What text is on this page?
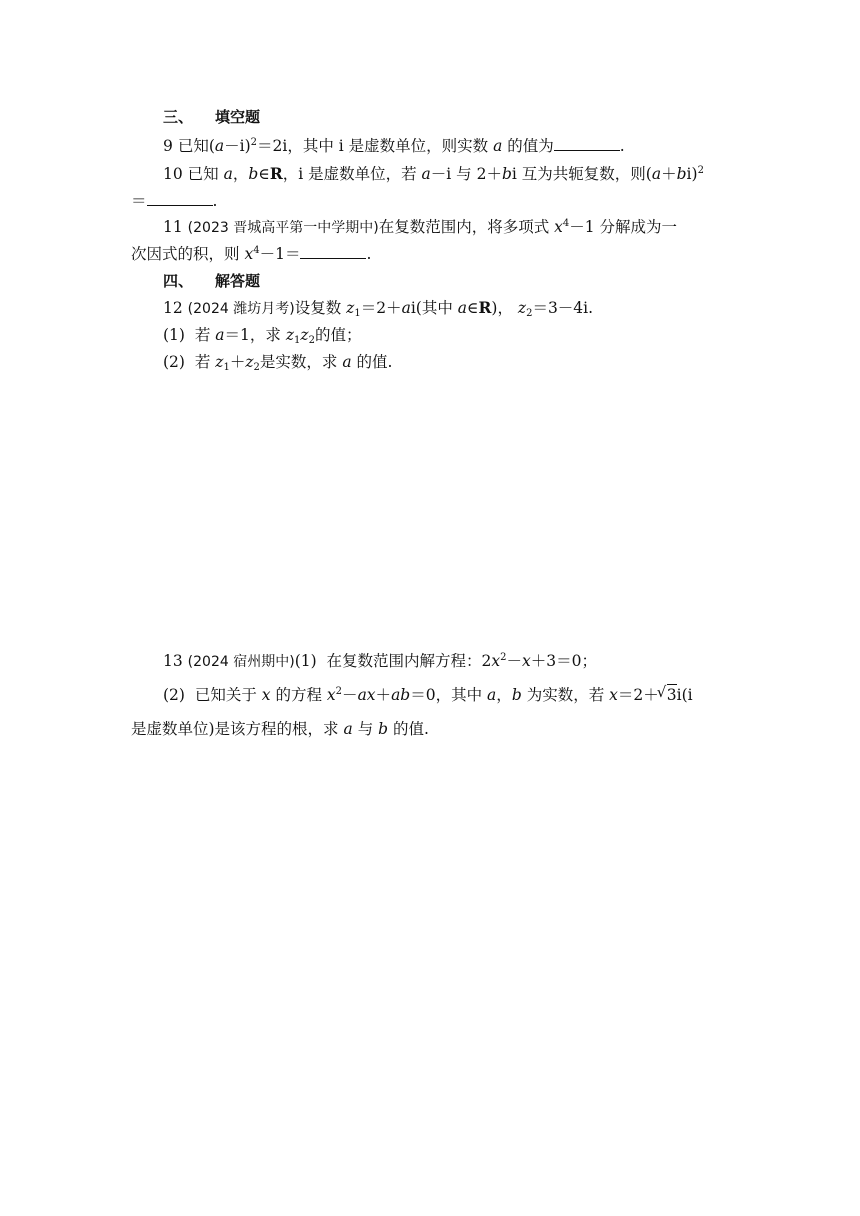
三、 填空题
9 已知$(a-i)^2=2i$，其中 i 是虚数单位，则实数 a 的值为	.
10 已知 a，b∈R，i 是虚数单位，若 a－i 与 2＋bi 互为共轭复数，则$(a+bi)^2$
＝	.
11 (2023 晋城高平第一中学期中)在复数范围内，将多项式 $x^4-1$ 分解成为一
次因式的积，则 $x^4-1=$	.
四、 解答题
12 (2024 潍坊月考)设复数 $z_1=2+ai$(其中 a∈R)， $z_2=3-4i$.
(1) 若 a＝1，求 $z_1z_2$的值；
(2) 若 $z_1+z_2$是实数，求 a 的值.
13 (2024 宿州期中)(1) 在复数范围内解方程：$2x^2-x+3=0$；
(2) 已知关于 x 的方程 $x^2-ax+ab=0$，其中 a，b 为实数，若 x＝2＋√ 3i(i
是虚数单位)是该方程的根，求 a 与 b 的值.
